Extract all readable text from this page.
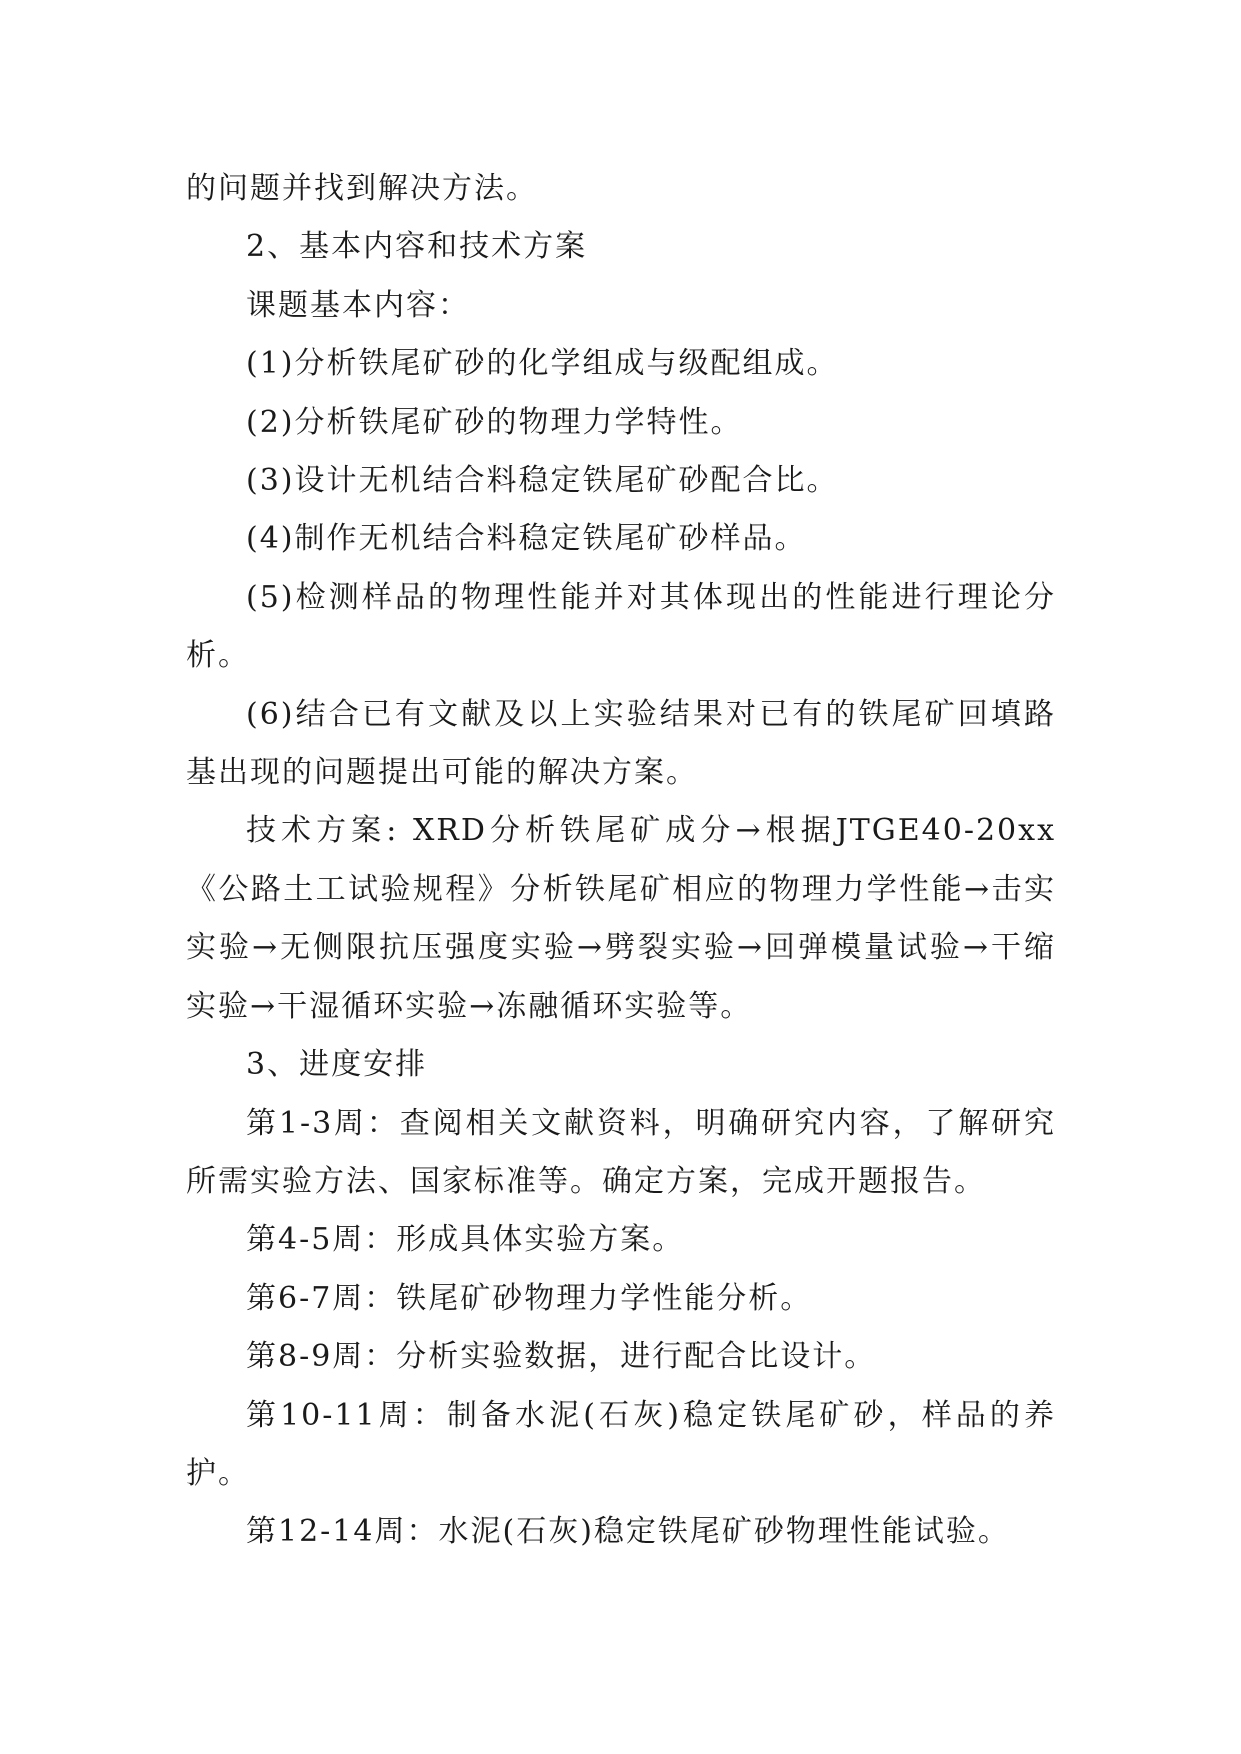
的问题并找到解决方法。

2、基本内容和技术方案

课题基本内容：

(1)分析铁尾矿砂的化学组成与级配组成。

(2)分析铁尾矿砂的物理力学特性。

(3)设计无机结合料稳定铁尾矿砂配合比。

(4)制作无机结合料稳定铁尾矿砂样品。

(5)检测样品的物理性能并对其体现出的性能进行理论分析。

(6)结合已有文献及以上实验结果对已有的铁尾矿回填路基出现的问题提出可能的解决方案。

技术方案: XRD分析铁尾矿成分→根据JTGE40-20xx《公路土工试验规程》分析铁尾矿相应的物理力学性能→击实实验→无侧限抗压强度实验→劈裂实验→回弹模量试验→干缩实验→干湿循环实验→冻融循环实验等。

3、进度安排

第1-3周：查阅相关文献资料，明确研究内容，了解研究所需实验方法、国家标准等。确定方案，完成开题报告。

第4-5周：形成具体实验方案。

第6-7周：铁尾矿砂物理力学性能分析。

第8-9周：分析实验数据，进行配合比设计。

第10-11周：制备水泥(石灰)稳定铁尾矿砂，样品的养护。

第12-14周：水泥(石灰)稳定铁尾矿砂物理性能试验。
